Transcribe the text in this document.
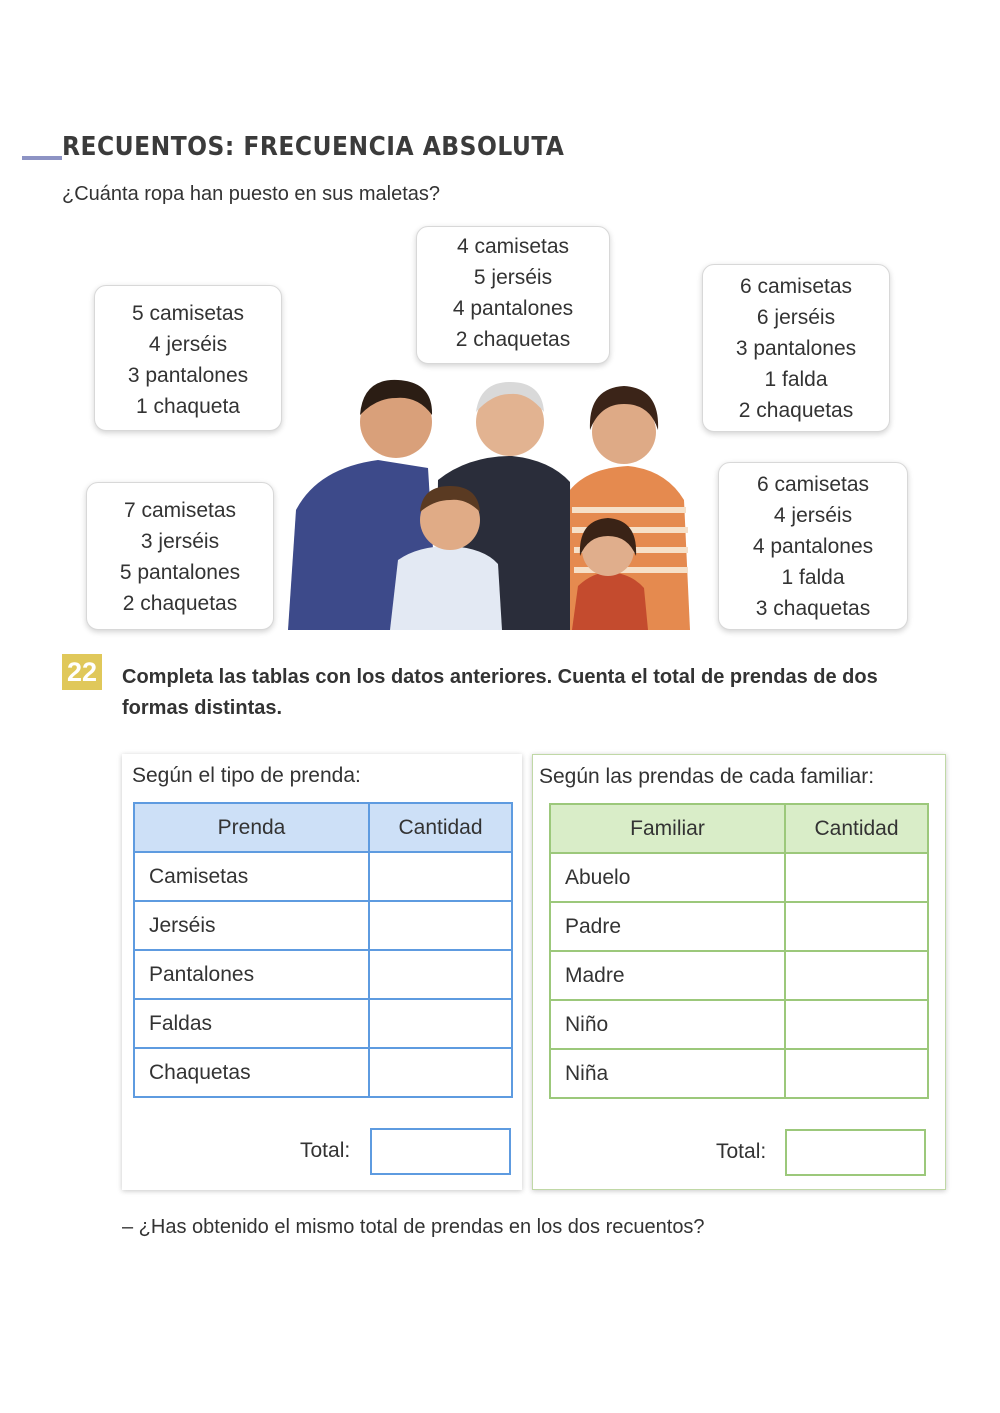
RECUENTOS: FRECUENCIA ABSOLUTA
¿Cuánta ropa han puesto en sus maletas?
5 camisetas
4 jerséis
3 pantalones
1 chaqueta
4 camisetas
5 jerséis
4 pantalones
2 chaquetas
6 camisetas
6 jerséis
3 pantalones
1 falda
2 chaquetas
7 camisetas
3 jerséis
5 pantalones
2 chaquetas
6 camisetas
4 jerséis
4 pantalones
1 falda
3 chaquetas
22 Completa las tablas con los datos anteriores. Cuenta el total de prendas de dos formas distintas.
Según el tipo de prenda:
Prenda	Cantidad
Camisetas	
Jerséis	
Pantalones	
Faldas	
Chaquetas	
Total:
Según las prendas de cada familiar:
Familiar	Cantidad
Abuelo	
Padre	
Madre	
Niño	
Niña	
Total:
– ¿Has obtenido el mismo total de prendas en los dos recuentos?
